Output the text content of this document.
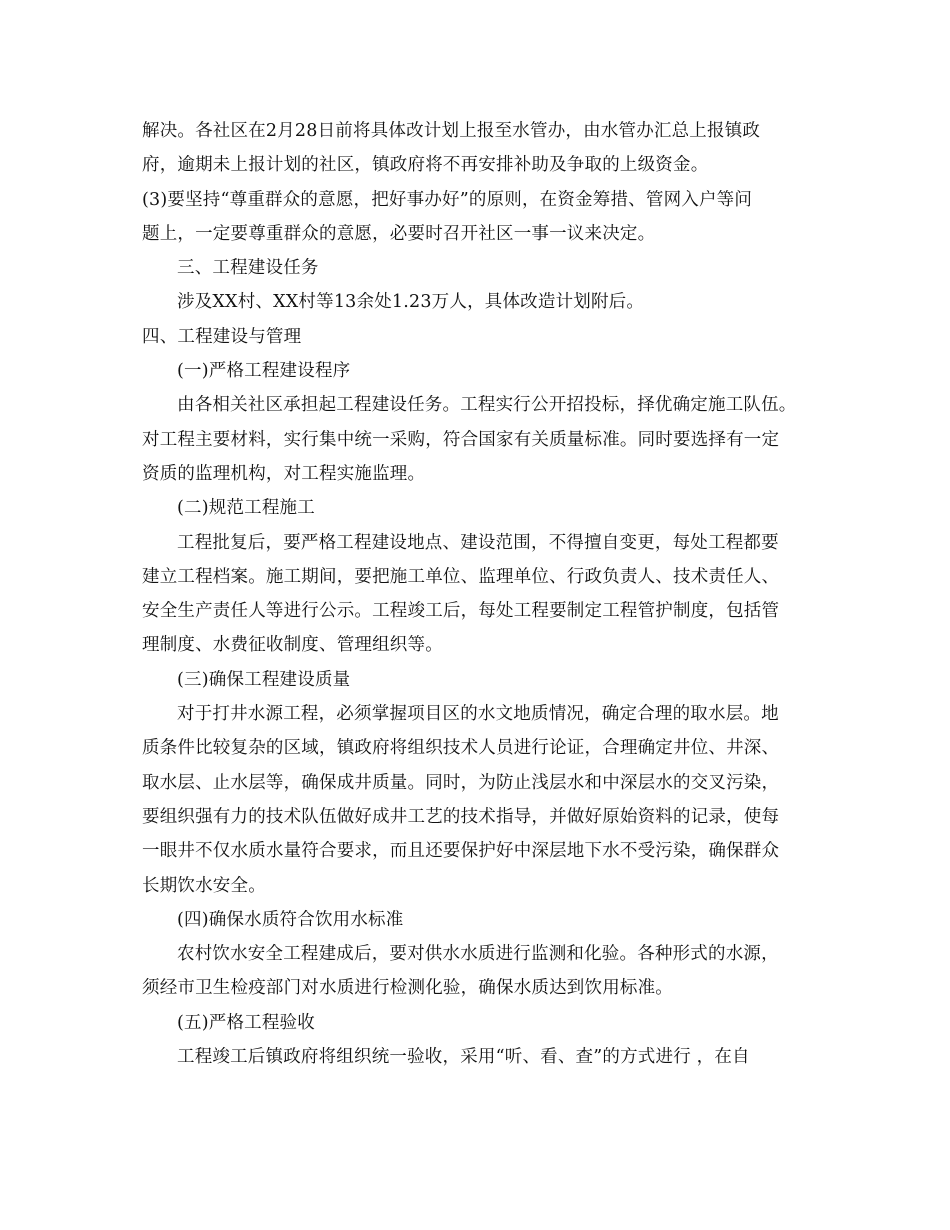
解决。各社区在2月28日前将具体改计划上报至水管办，由水管办汇总上报镇政
府，逾期未上报计划的社区，镇政府将不再安排补助及争取的上级资金。
(3)要坚持“尊重群众的意愿，把好事办好”的原则，在资金筹措、管网入户等问
题上，一定要尊重群众的意愿，必要时召开社区一事一议来决定。
三、工程建设任务
涉及XX村、XX村等13余处1.23万人，具体改造计划附后。
四、工程建设与管理
(一)严格工程建设程序
由各相关社区承担起工程建设任务。工程实行公开招投标，择优确定施工队伍。
对工程主要材料，实行集中统一采购，符合国家有关质量标准。同时要选择有一定
资质的监理机构，对工程实施监理。
(二)规范工程施工
工程批复后，要严格工程建设地点、建设范围，不得擅自变更，每处工程都要
建立工程档案。施工期间，要把施工单位、监理单位、行政负责人、技术责任人、
安全生产责任人等进行公示。工程竣工后，每处工程要制定工程管护制度，包括管
理制度、水费征收制度、管理组织等。
(三)确保工程建设质量
对于打井水源工程，必须掌握项目区的水文地质情况，确定合理的取水层。地
质条件比较复杂的区域，镇政府将组织技术人员进行论证，合理确定井位、井深、
取水层、止水层等，确保成井质量。同时，为防止浅层水和中深层水的交叉污染，
要组织强有力的技术队伍做好成井工艺的技术指导，并做好原始资料的记录，使每
一眼井不仅水质水量符合要求，而且还要保护好中深层地下水不受污染，确保群众
长期饮水安全。
(四)确保水质符合饮用水标准
农村饮水安全工程建成后，要对供水水质进行监测和化验。各种形式的水源，
须经市卫生检疫部门对水质进行检测化验，确保水质达到饮用标准。
(五)严格工程验收
工程竣工后镇政府将组织统一验收，采用“听、看、查”的方式进行 ，在自
